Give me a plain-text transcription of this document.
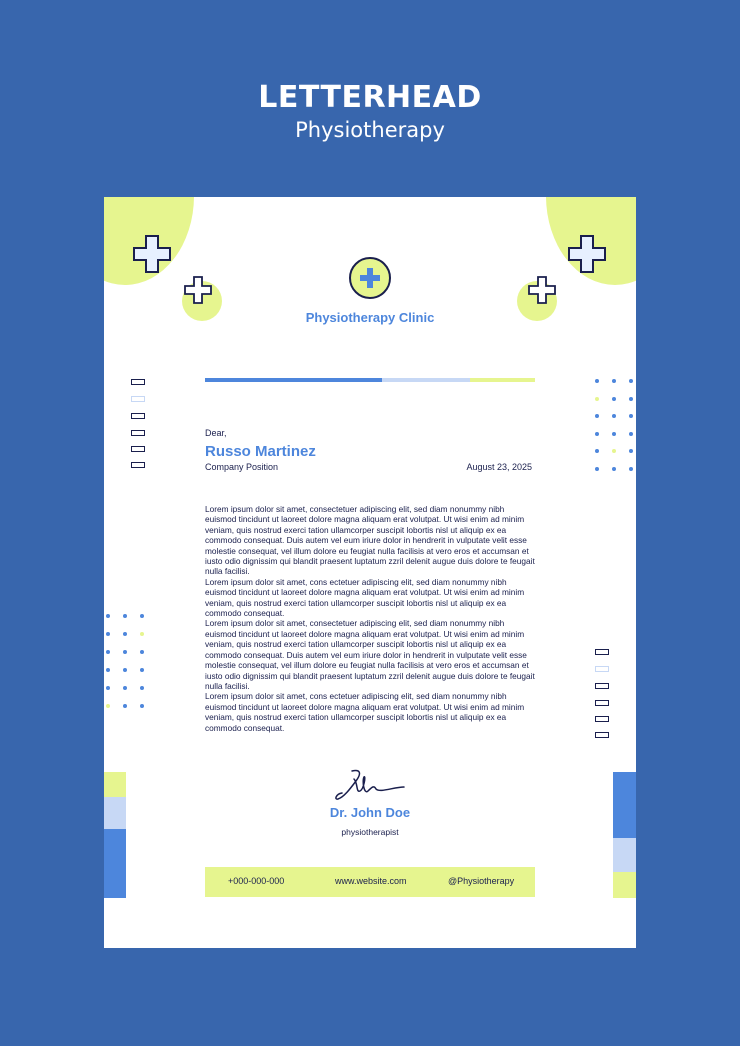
LETTERHEAD
Physiotherapy
Physiotherapy Clinic
Dear,
Russo Martinez
Company Position	August 23, 2025

Lorem ipsum dolor sit amet, consectetuer adipiscing elit, sed diam nonummy nibh euismod tincidunt ut laoreet dolore magna aliquam erat volutpat. Ut wisi enim ad minim veniam, quis nostrud exerci tation ullamcorper suscipit lobortis nisl ut aliquip ex ea commodo consequat. Duis autem vel eum iriure dolor in hendrerit in vulputate velit esse molestie consequat, vel illum dolore eu feugiat nulla facilisis at vero eros et accumsan et iusto odio dignissim qui blandit praesent luptatum zzril delenit augue duis dolore te feugait nulla facilisi.

Lorem ipsum dolor sit amet, cons ectetuer adipiscing elit, sed diam nonummy nibh euismod tincidunt ut laoreet dolore magna aliquam erat volutpat. Ut wisi enim ad minim veniam, quis nostrud exerci tation ullamcorper suscipit lobortis nisl ut aliquip ex ea commodo consequat.

Lorem ipsum dolor sit amet, consectetuer adipiscing elit, sed diam nonummy nibh euismod tincidunt ut laoreet dolore magna aliquam erat volutpat. Ut wisi enim ad minim veniam, quis nostrud exerci tation ullamcorper suscipit lobortis nisl ut aliquip ex ea commodo consequat. Duis autem vel eum iriure dolor in hendrerit in vulputate velit esse molestie consequat, vel illum dolore eu feugiat nulla facilisis at vero eros et accumsan et iusto odio dignissim qui blandit praesent luptatum zzril delenit augue duis dolore te feugait nulla facilisi.

Lorem ipsum dolor sit amet, cons ectetuer adipiscing elit, sed diam nonummy nibh euismod tincidunt ut laoreet dolore magna aliquam erat volutpat. Ut wisi enim ad minim veniam, quis nostrud exerci tation ullamcorper suscipit lobortis nisl ut aliquip ex ea commodo consequat.

Dr. John Doe
physiotherapist
+000-000-000	www.website.com	@Physiotherapy
